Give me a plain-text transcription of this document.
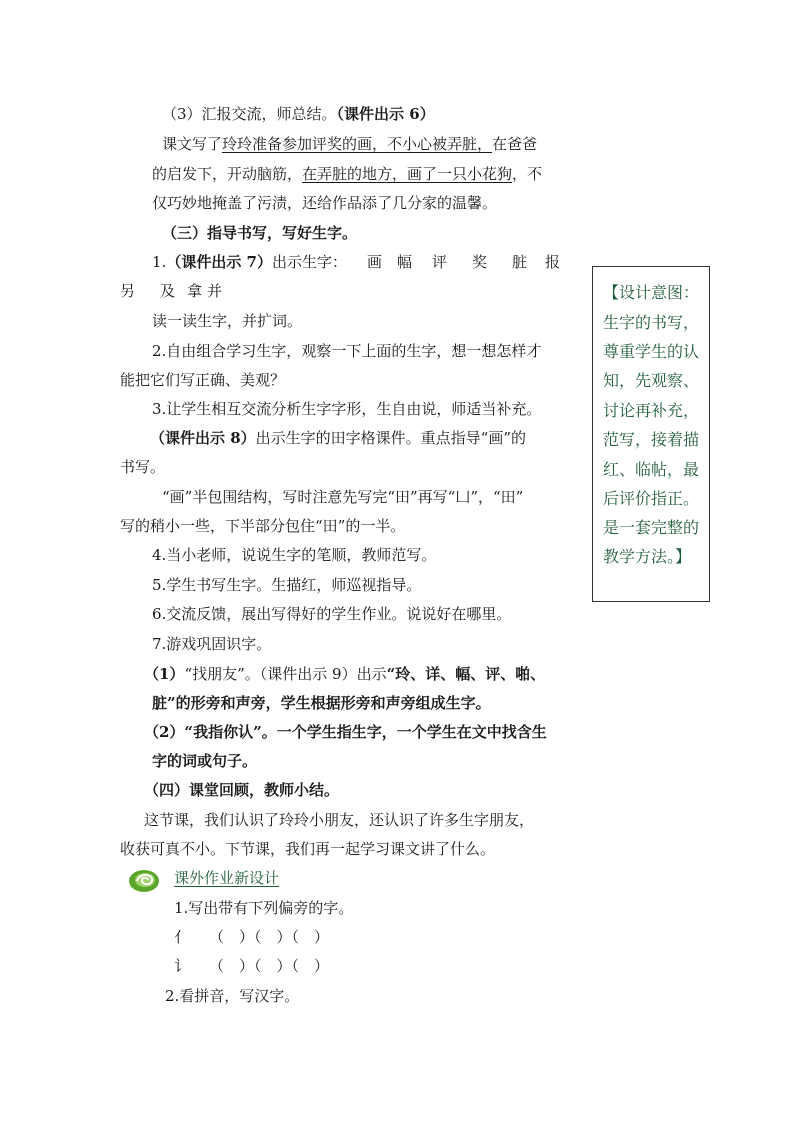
（3）汇报交流，师总结。（课件出示 6）
课文写了玲玲准备参加评奖的画，不小心被弄脏，在爸爸
的启发下，开动脑筋，在弄脏的地方，画了一只小花狗，不
仅巧妙地掩盖了污渍，还给作品添了几分家的温馨。
（三）指导书写，写好生字。
1.（课件出示 7）出示生字： 画 幅 评 奖 脏 报
另 及 拿 并
读一读生字，并扩词。
2.自由组合学习生字，观察一下上面的生字，想一想怎样才
能把它们写正确、美观？
3.让学生相互交流分析生字字形，生自由说，师适当补充。
（课件出示 8）出示生字的田字格课件。重点指导“画”的
书写。
“画”半包围结构，写时注意先写完“田”再写“凵”，“田”
写的稍小一些，下半部分包住“田”的一半。
4.当小老师，说说生字的笔顺，教师范写。
5.学生书写生字。生描红，师巡视指导。
6.交流反馈，展出写得好的学生作业。说说好在哪里。
7.游戏巩固识字。
（1）“找朋友”。（课件出示 9）出示“玲、详、幅、评、啪、
脏”的形旁和声旁，学生根据形旁和声旁组成生字。
（2）“我指你认”。一个学生指生字，一个学生在文中找含生
字的词或句子。
（四）课堂回顾，教师小结。
这节课，我们认识了玲玲小朋友，还认识了许多生字朋友，
收获可真不小。下节课，我们再一起学习课文讲了什么。
课外作业新设计
1.写出带有下列偏旁的字。
亻 （　）（　）（　）
讠 （　）（　）（　）
2.看拼音，写汉字。
【设计意图：
生字的书写，
尊重学生的认
知，先观察、
讨论再补充，
范写，接着描
红、临帖，最
后评价指正。
是一套完整的
教学方法。】
